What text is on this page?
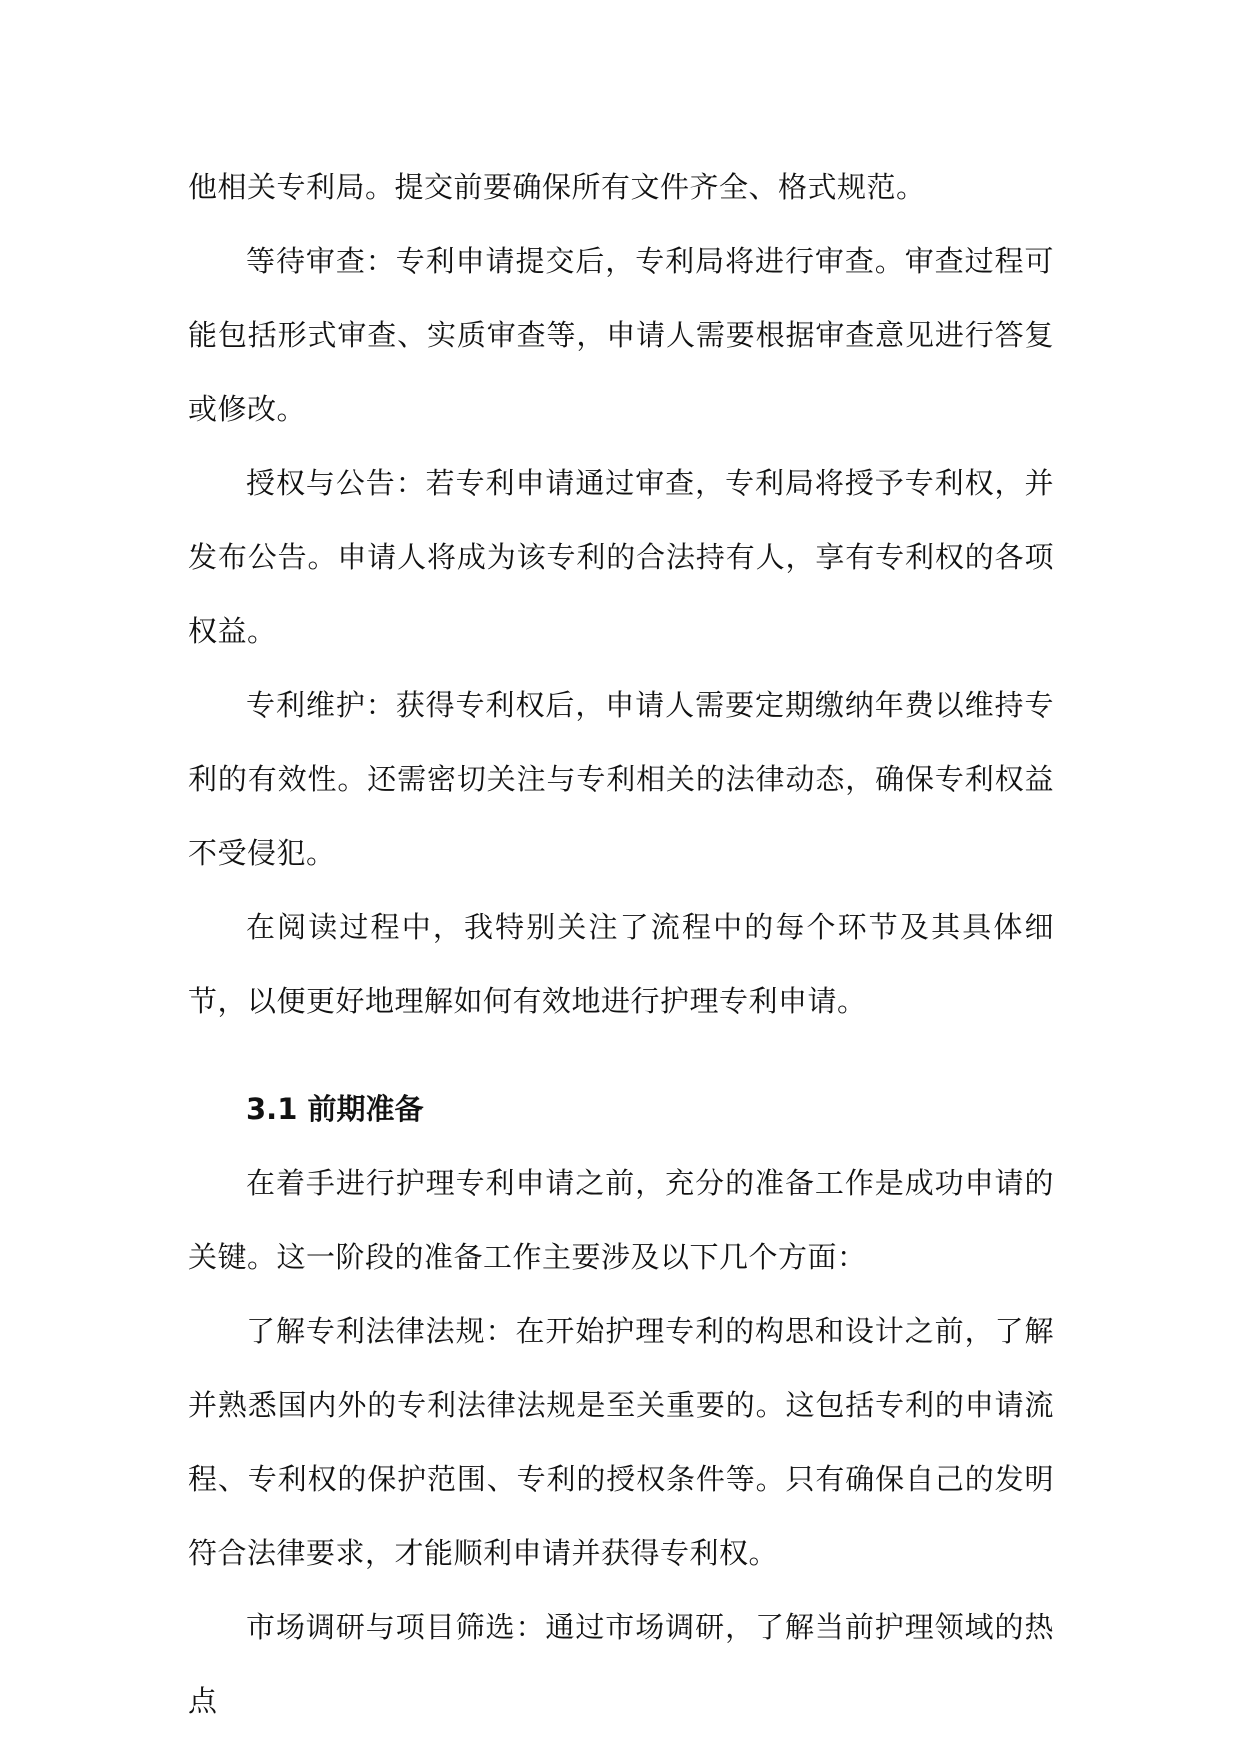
他相关专利局。提交前要确保所有文件齐全、格式规范。

等待审查：专利申请提交后，专利局将进行审查。审查过程可能包括形式审查、实质审查等，申请人需要根据审查意见进行答复或修改。

授权与公告：若专利申请通过审查，专利局将授予专利权，并发布公告。申请人将成为该专利的合法持有人，享有专利权的各项权益。

专利维护：获得专利权后，申请人需要定期缴纳年费以维持专利的有效性。还需密切关注与专利相关的法律动态，确保专利权益不受侵犯。

在阅读过程中，我特别关注了流程中的每个环节及其具体细节，以便更好地理解如何有效地进行护理专利申请。

3.1 前期准备

在着手进行护理专利申请之前，充分的准备工作是成功申请的关键。这一阶段的准备工作主要涉及以下几个方面：

了解专利法律法规：在开始护理专利的构思和设计之前，了解并熟悉国内外的专利法律法规是至关重要的。这包括专利的申请流程、专利权的保护范围、专利的授权条件等。只有确保自己的发明符合法律要求，才能顺利申请并获得专利权。

市场调研与项目筛选：通过市场调研，了解当前护理领域的热点
